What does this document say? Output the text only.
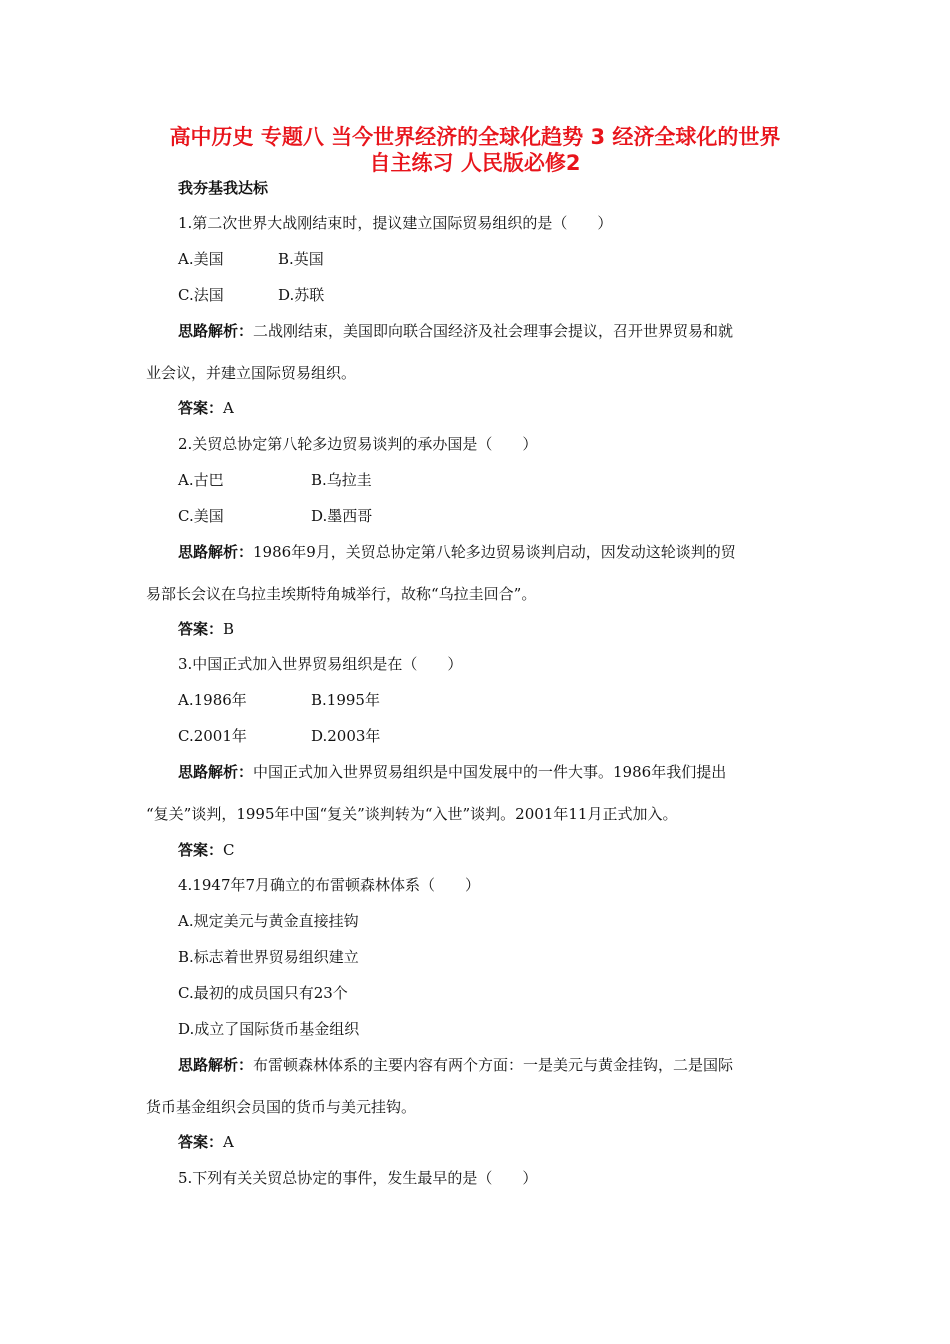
高中历史 专题八 当今世界经济的全球化趋势 3 经济全球化的世界
自主练习 人民版必修2
我夯基我达标
1.第二次世界大战刚结束时，提议建立国际贸易组织的是（　　）
A.美国	B.英国
C.法国	D.苏联
思路解析：二战刚结束，美国即向联合国经济及社会理事会提议，召开世界贸易和就
业会议，并建立国际贸易组织。
答案：A
2.关贸总协定第八轮多边贸易谈判的承办国是（　　）
A.古巴	B.乌拉圭
C.美国	D.墨西哥
思路解析：1986年9月，关贸总协定第八轮多边贸易谈判启动，因发动这轮谈判的贸
易部长会议在乌拉圭埃斯特角城举行，故称“乌拉圭回合”。
答案：B
3.中国正式加入世界贸易组织是在（　　）
A.1986年	B.1995年
C.2001年	D.2003年
思路解析：中国正式加入世界贸易组织是中国发展中的一件大事。1986年我们提出
“复关”谈判，1995年中国“复关”谈判转为“入世”谈判。2001年11月正式加入。
答案：C
4.1947年7月确立的布雷顿森林体系（　　）
A.规定美元与黄金直接挂钩
B.标志着世界贸易组织建立
C.最初的成员国只有23个
D.成立了国际货币基金组织
思路解析：布雷顿森林体系的主要内容有两个方面：一是美元与黄金挂钩，二是国际
货币基金组织会员国的货币与美元挂钩。
答案：A
5.下列有关关贸总协定的事件，发生最早的是（　　）
